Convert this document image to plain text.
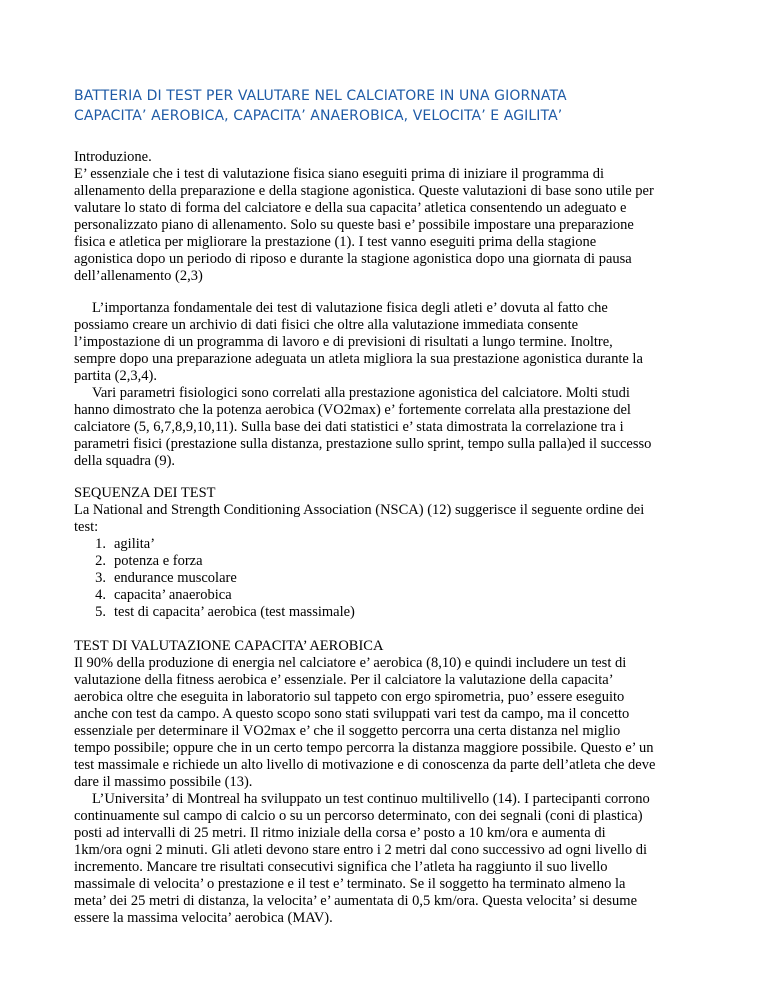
BATTERIA DI TEST PER VALUTARE NEL CALCIATORE IN UNA GIORNATA
CAPACITA’ AEROBICA, CAPACITA’ ANAEROBICA, VELOCITA’ E AGILITA’
Introduzione.
E’ essenziale che i test di valutazione fisica siano eseguiti prima di iniziare il programma di
allenamento della preparazione e della stagione agonistica. Queste valutazioni di base sono utile per
valutare lo stato di forma del calciatore e della sua capacita’ atletica consentendo un adeguato e
personalizzato piano di allenamento. Solo su queste basi e’ possibile impostare una preparazione
fisica e atletica per migliorare la prestazione (1). I test vanno eseguiti prima della stagione
agonistica dopo un periodo di riposo e durante la stagione agonistica dopo una giornata di pausa
dell’allenamento (2,3)
L’importanza fondamentale dei test di valutazione fisica degli atleti e’ dovuta al fatto che
possiamo creare un archivio di dati fisici che oltre alla valutazione immediata consente
l’impostazione di un programma di lavoro e di previsioni di risultati a lungo termine. Inoltre,
sempre dopo una preparazione adeguata un atleta migliora la sua prestazione agonistica durante la
partita (2,3,4).
Vari parametri fisiologici sono correlati alla prestazione agonistica del calciatore. Molti studi
hanno dimostrato che la potenza aerobica (VO2max) e’ fortemente correlata alla prestazione del
calciatore (5, 6,7,8,9,10,11). Sulla base dei dati statistici e’ stata dimostrata la correlazione tra i
parametri fisici (prestazione sulla distanza, prestazione sullo sprint, tempo sulla palla)ed il successo
della squadra (9).
SEQUENZA DEI TEST
La National and Strength Conditioning Association (NSCA) (12) suggerisce il seguente ordine dei
test:
1. agilita’
2. potenza e forza
3. endurance muscolare
4. capacita’ anaerobica
5. test di capacita’ aerobica (test massimale)
TEST DI VALUTAZIONE CAPACITA’ AEROBICA
Il 90% della produzione di energia nel calciatore e’ aerobica (8,10) e quindi includere un test di
valutazione della fitness aerobica e’ essenziale. Per il calciatore la valutazione della capacita’
aerobica oltre che eseguita in laboratorio sul tappeto con ergo spirometria, puo’ essere eseguito
anche con test da campo. A questo scopo sono stati sviluppati vari test da campo, ma il concetto
essenziale per determinare il VO2max e’ che il soggetto percorra una certa distanza nel miglio
tempo possibile; oppure che in un certo tempo percorra la distanza maggiore possibile. Questo e’ un
test massimale e richiede un alto livello di motivazione e di conoscenza da parte dell’atleta che deve
dare il massimo possibile (13).
L’Universita’ di Montreal ha sviluppato un test continuo multilivello (14). I partecipanti corrono
continuamente sul campo di calcio o su un percorso determinato, con dei segnali (coni di plastica)
posti ad intervalli di 25 metri. Il ritmo iniziale della corsa e’ posto a 10 km/ora e aumenta di
1km/ora ogni 2 minuti. Gli atleti devono stare entro i 2 metri dal cono successivo ad ogni livello di
incremento. Mancare tre risultati consecutivi significa che l’atleta ha raggiunto il suo livello
massimale di velocita’ o prestazione e il test e’ terminato. Se il soggetto ha terminato almeno la
meta’ dei 25 metri di distanza, la velocita’ e’ aumentata di 0,5 km/ora. Questa velocita’ si desume
essere la massima velocita’ aerobica (MAV).
